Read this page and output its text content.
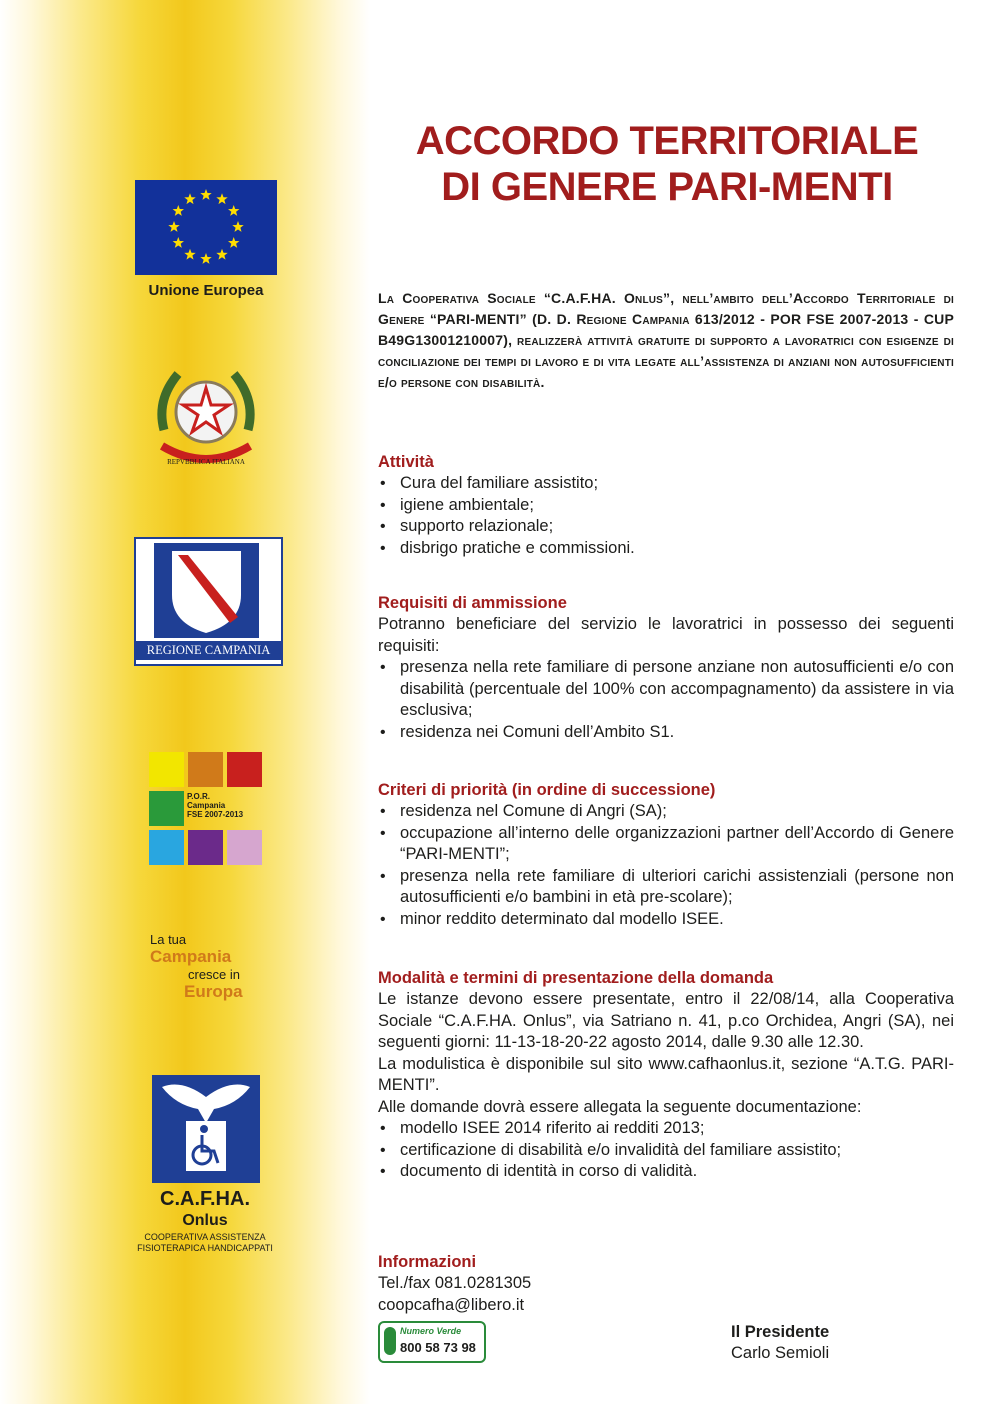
Unione Europea
REPVBBLICA ITALIANA
REGIONE CAMPANIA
P.O.R.
Campania
FSE 2007-2013
La tua
Campania
cresce in
Europa
C.A.F.HA.
Onlus
COOPERATIVA ASSISTENZA
FISIOTERAPICA HANDICAPPATI
ACCORDO TERRITORIALE
DI GENERE PARI-MENTI
La Cooperativa Sociale “C.A.F.HA. Onlus”, nell’ambito dell’Accordo Territoriale di Genere “PARI-MENTI” (D. D. Regione Campania 613/2012 - POR FSE 2007-2013 - CUP B49G13001210007), realizzerà attività gratuite di supporto a lavoratrici con esigenze di conciliazione dei tempi di lavoro e di vita legate all’assistenza di anziani non autosufficienti e/o persone con disabilità.
Attività
• Cura del familiare assistito;
• igiene ambientale;
• supporto relazionale;
• disbrigo pratiche e commissioni.
Requisiti di ammissione

Potranno beneficiare del servizio le lavoratrici in possesso dei seguenti requisiti:

• presenza nella rete familiare di persone anziane non autosufficienti e/o con disabilità (percentuale del 100% con accompagnamento) da assistere in via esclusiva;
• residenza nei Comuni dell’Ambito S1.
Criteri di priorità (in ordine di successione)
• residenza nel Comune di Angri (SA);
• occupazione all’interno delle organizzazioni partner dell’Accordo di Genere “PARI-MENTI”;
• presenza nella rete familiare di ulteriori carichi assistenziali (persone non autosufficienti e/o bambini in età pre-scolare);
• minor reddito determinato dal modello ISEE.
Modalità e termini di presentazione della domanda

Le istanze devono essere presentate, entro il 22/08/14, alla Cooperativa Sociale “C.A.F.HA. Onlus”, via Satriano n. 41, p.co Orchidea, Angri (SA), nei seguenti giorni: 11-13-18-20-22 agosto 2014, dalle 9.30 alle 12.30.

La modulistica è disponibile sul sito www.cafhaonlus.it, sezione “A.T.G. PARI-MENTI”.

Alle domande dovrà essere allegata la seguente documentazione:

• modello ISEE 2014 riferito ai redditi 2013;
• certificazione di disabilità e/o invalidità del familiare assistito;
• documento di identità in corso di validità.
Informazioni

Tel./fax 081.0281305

coopcafha@libero.it

Numero Verde
800 58 73 98
Il Presidente
Carlo Semioli
